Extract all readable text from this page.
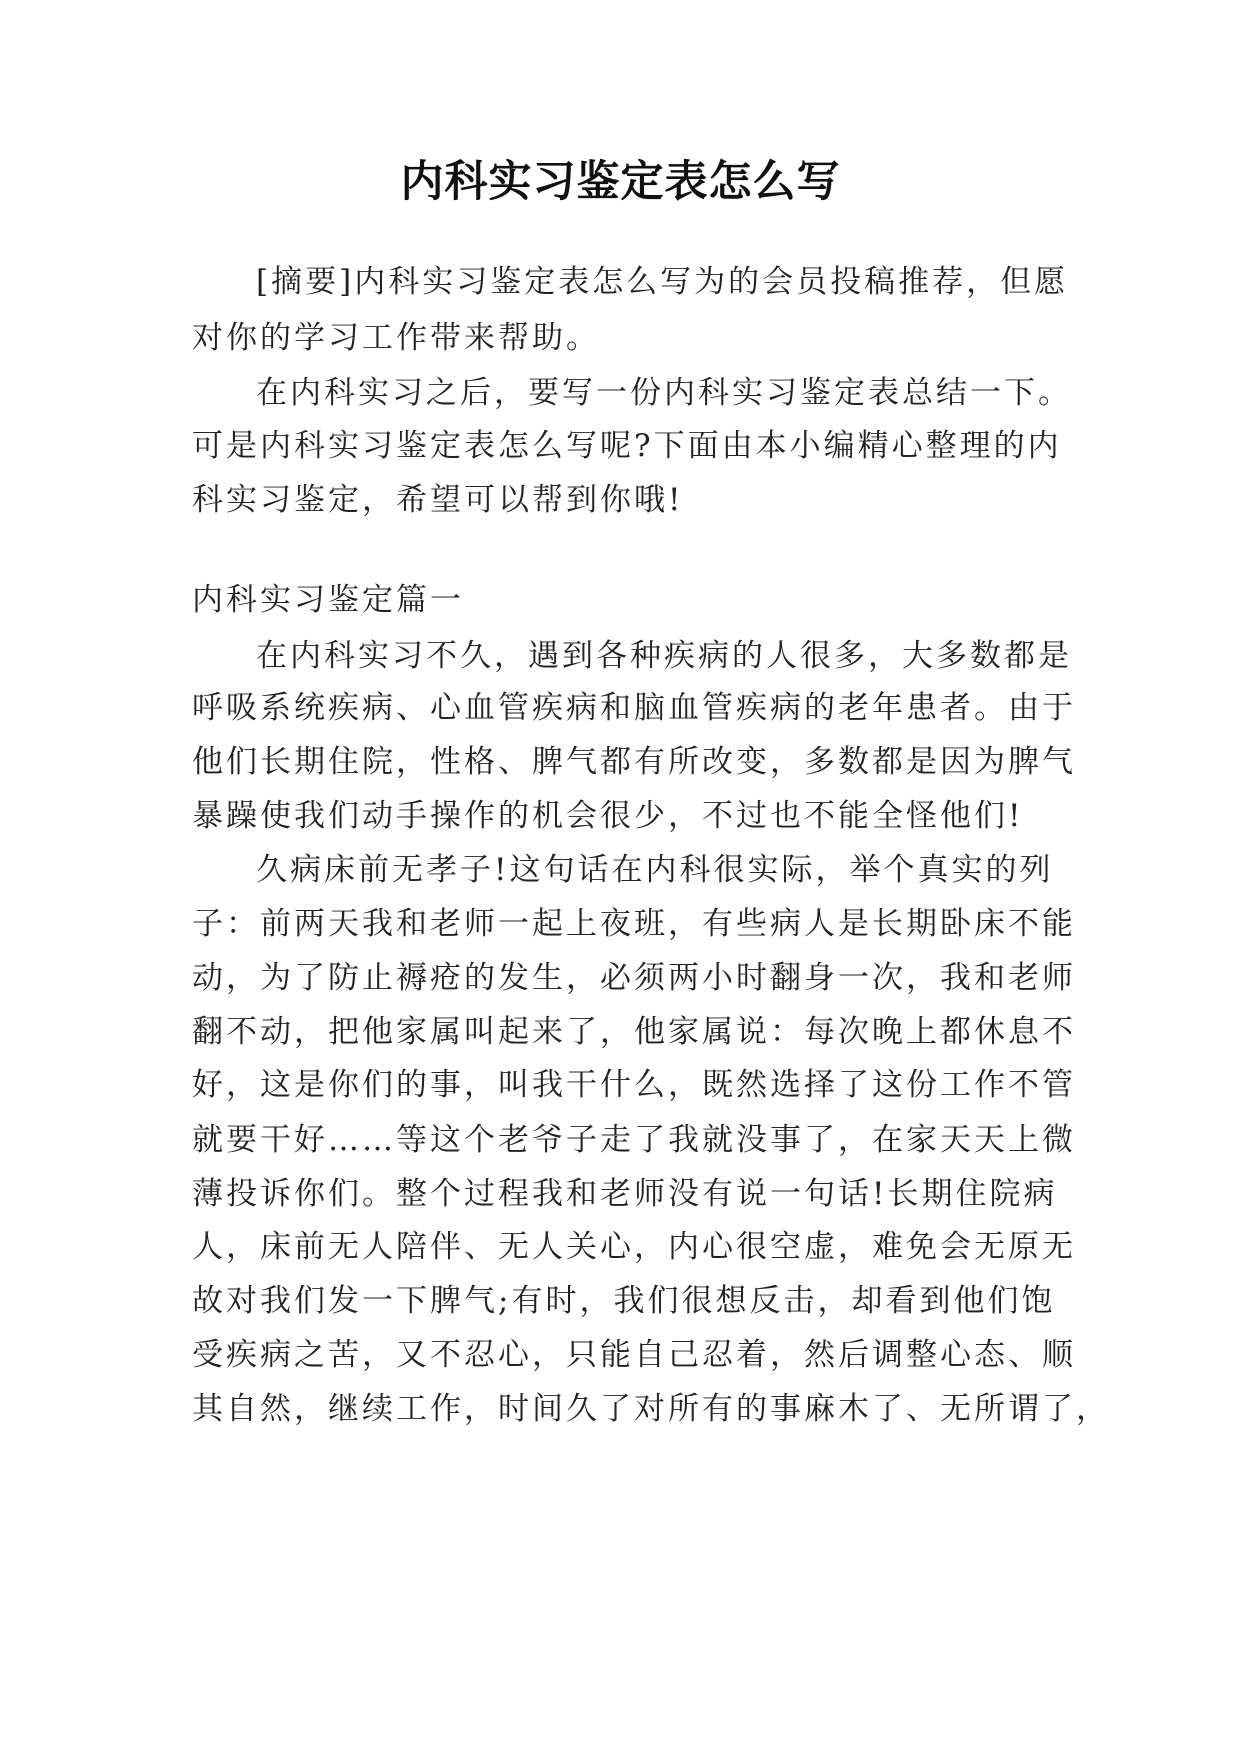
内科实习鉴定表怎么写
[摘要]内科实习鉴定表怎么写为的会员投稿推荐，但愿
对你的学习工作带来帮助。
在内科实习之后，要写一份内科实习鉴定表总结一下。
可是内科实习鉴定表怎么写呢?下面由本小编精心整理的内
科实习鉴定，希望可以帮到你哦!
内科实习鉴定篇一
在内科实习不久，遇到各种疾病的人很多，大多数都是
呼吸系统疾病、心血管疾病和脑血管疾病的老年患者。由于
他们长期住院，性格、脾气都有所改变，多数都是因为脾气
暴躁使我们动手操作的机会很少，不过也不能全怪他们!
久病床前无孝子!这句话在内科很实际，举个真实的列
子：前两天我和老师一起上夜班，有些病人是长期卧床不能
动，为了防止褥疮的发生，必须两小时翻身一次，我和老师
翻不动，把他家属叫起来了，他家属说：每次晚上都休息不
好，这是你们的事，叫我干什么，既然选择了这份工作不管
就要干好……等这个老爷子走了我就没事了，在家天天上微
薄投诉你们。整个过程我和老师没有说一句话!长期住院病
人，床前无人陪伴、无人关心，内心很空虚，难免会无原无
故对我们发一下脾气;有时，我们很想反击，却看到他们饱
受疾病之苦，又不忍心，只能自己忍着，然后调整心态、顺
其自然，继续工作，时间久了对所有的事麻木了、无所谓了，
